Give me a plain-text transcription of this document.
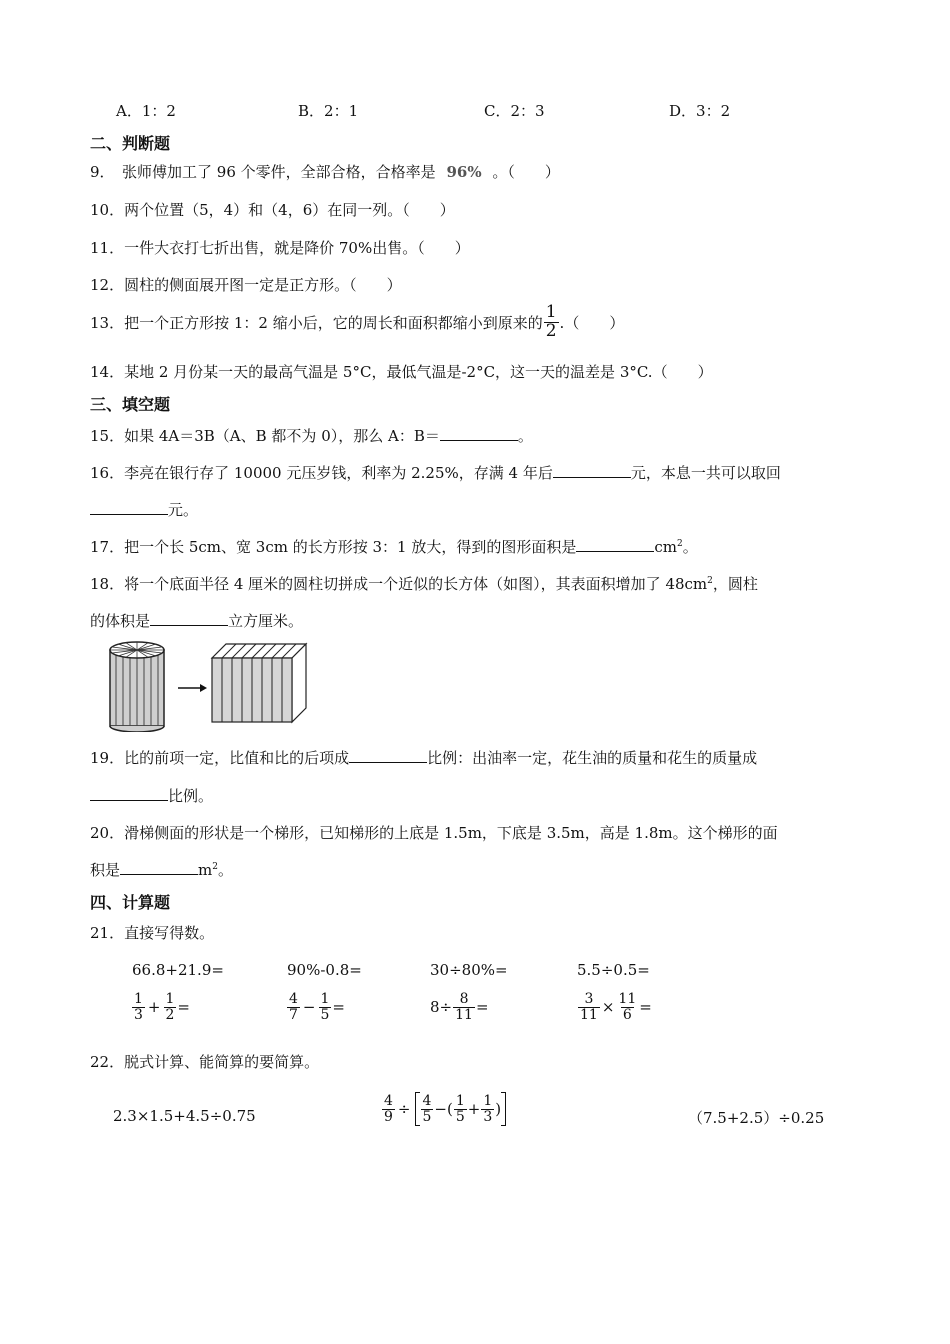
A．1：2	B．2：1	C．2：3	D．3：2
二、判断题
9．　张师傅加工了 96 个零件，全部合格，合格率是 96% 。（　　）
10．两个位置（5，4）和（4，6）在同一列。（　　）
11．一件大衣打七折出售，就是降价 70%出售。（　　）
12．圆柱的侧面展开图一定是正方形。（　　）
13．把一个正方形按 1：2 缩小后，它的周长和面积都缩小到原来的 $\frac{1}{2}$ .（　　）
14．某地 2 月份某一天的最高气温是 5°C，最低气温是-2°C，这一天的温差是 3°C.（　　）
三、填空题
15．如果 4A＝3B（A、B 都不为 0），那么 A：B＝	。
16．李亮在银行存了 10000 元压岁钱，利率为 2.25%，存满 4 年后	元，本息一共可以取回
元。
17．把一个长 5cm、宽 3cm 的长方形按 3：1 放大，得到的图形面积是	$cm^2$。
18．将一个底面半径 4 厘米的圆柱切拼成一个近似的长方体（如图），其表面积增加了 $48cm^2$，圆柱
的体积是	立方厘米。
19．比的前项一定，比值和比的后项成	比例：出油率一定，花生油的质量和花生的质量成
比例。
20．滑梯侧面的形状是一个梯形，已知梯形的上底是 1.5m，下底是 3.5m，高是 1.8m。这个梯形的面
积是	$m^2$。
四、计算题
21．直接写得数。
66.8+21.9=	90%-0.8=	30÷80%=	5.5÷0.5=
$\frac{1}{3} + \frac{1}{2}$ =	$\frac{4}{7} - \frac{1}{5}$ =	$8\div \frac{8}{11}$ =	$\frac{3}{11} \times \frac{11}{6}$ =
22．脱式计算、能简算的要简算。
2.3×1.5+4.5÷0.75	$\frac{4}{9} \div \frac{4}{5}$ −( $\frac{1}{5} + \frac{1}{3}$ )	（7.5+2.5）÷0.25
